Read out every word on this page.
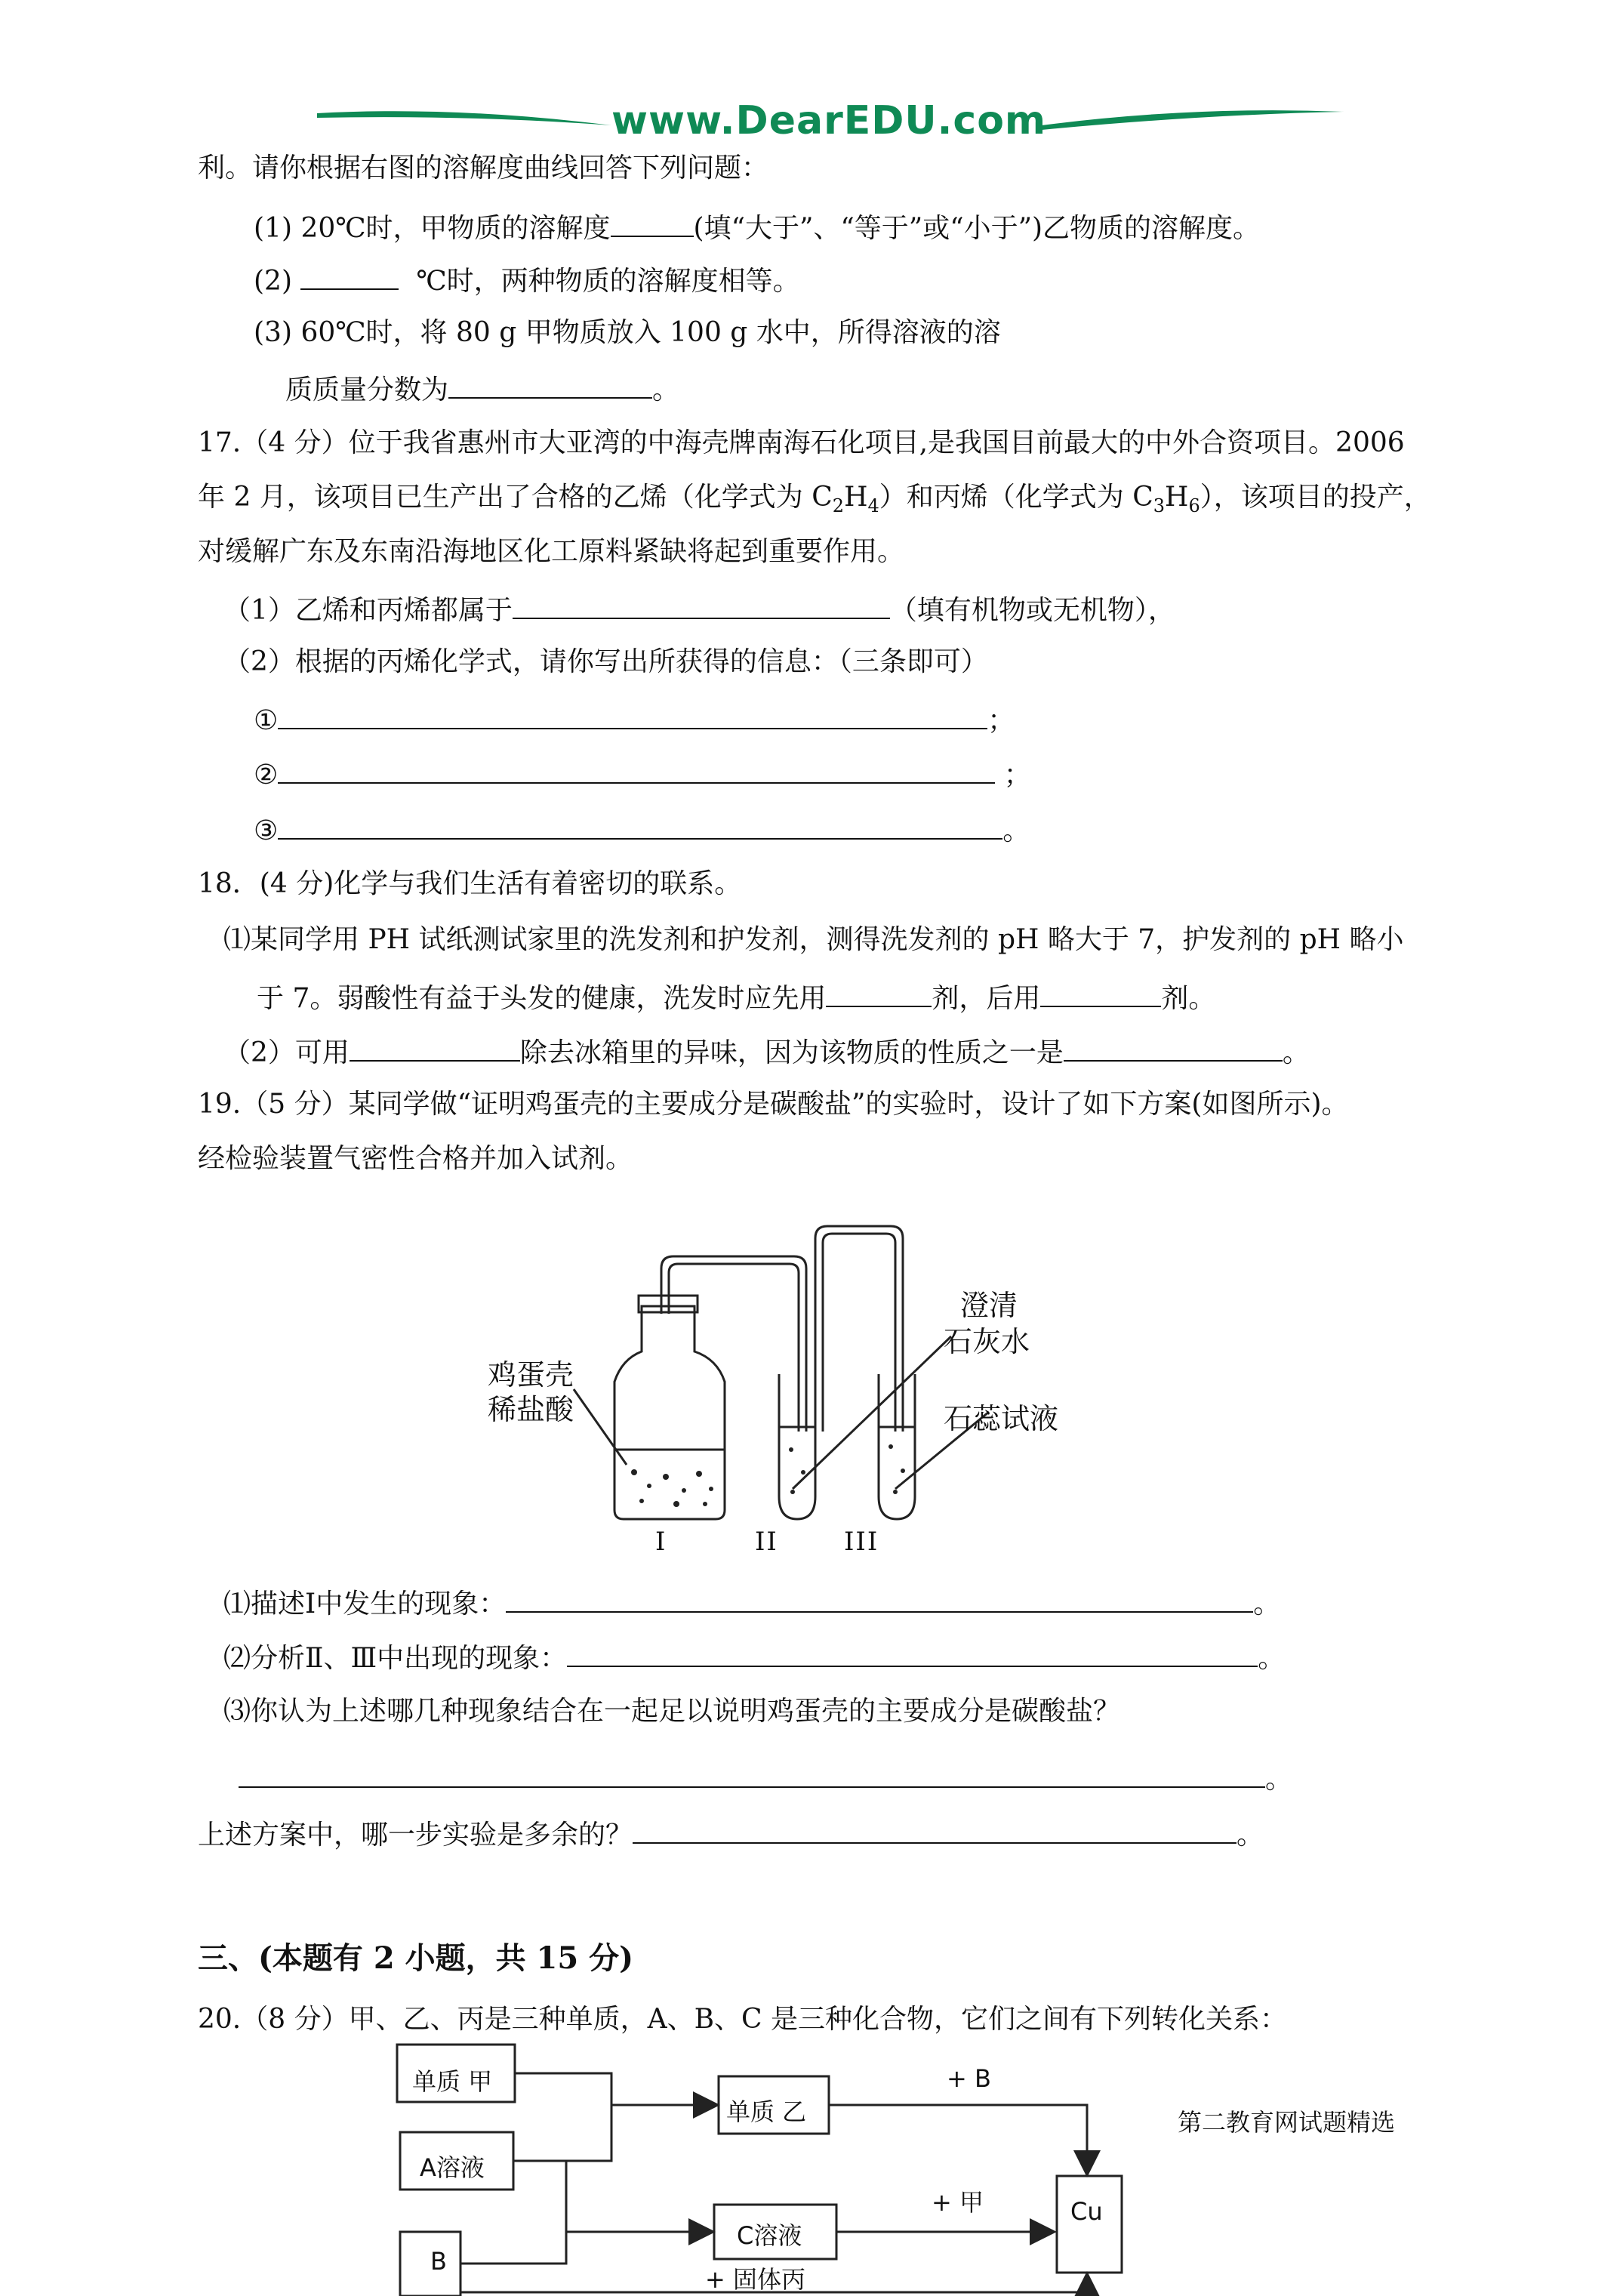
www.DearEDU.com
利。请你根据右图的溶解度曲线回答下列问题：
(1) 20℃时，甲物质的溶解度	(填“大于”、“等于”或“小于”)乙物质的溶解度。
(2)	℃时，两种物质的溶解度相等。
(3) 60℃时，将 80 g 甲物质放入 100 g 水中，所得溶液的溶
质质量分数为	。
17.（4 分）位于我省惠州市大亚湾的中海壳牌南海石化项目,是我国目前最大的中外合资项目。2006
年 2 月，该项目已生产出了合格的乙烯（化学式为 $C_2H_4$）和丙烯（化学式为 $C_3H_6$），该项目的投产，
对缓解广东及东南沿海地区化工原料紧缺将起到重要作用。
（1）乙烯和丙烯都属于	（填有机物或无机物），
（2）根据的丙烯化学式，请你写出所获得的信息：（三条即可）
①	；
②	；
③	。
18．(4 分)化学与我们生活有着密切的联系。
⑴某同学用 PH 试纸测试家里的洗发剂和护发剂，测得洗发剂的 pH 略大于 7，护发剂的 pH 略小
于 7。弱酸性有益于头发的健康，洗发时应先用	剂，后用	剂。
（2）可用	除去冰箱里的异味，因为该物质的性质之一是	。
19.（5 分）某同学做“证明鸡蛋壳的主要成分是碳酸盐”的实验时，设计了如下方案(如图所示)。
经检验装置气密性合格并加入试剂。
鸡蛋壳
稀盐酸
澄清
石灰水
石蕊试液
I	II	III
⑴描述Ⅰ中发生的现象：	。
⑵分析Ⅱ、Ⅲ中出现的现象：	。
⑶你认为上述哪几种现象结合在一起足以说明鸡蛋壳的主要成分是碳酸盐？
。
上述方案中，哪一步实验是多余的？	。
三、(本题有 2 小题，共 15 分)
20.（8 分）甲、乙、丙是三种单质，A、B、C 是三种化合物，它们之间有下列转化关系：
单质 甲
A溶液
B
单质 乙
C溶液
Cu
+ B
+ 甲
+ 固体丙
第二教育网试题精选
